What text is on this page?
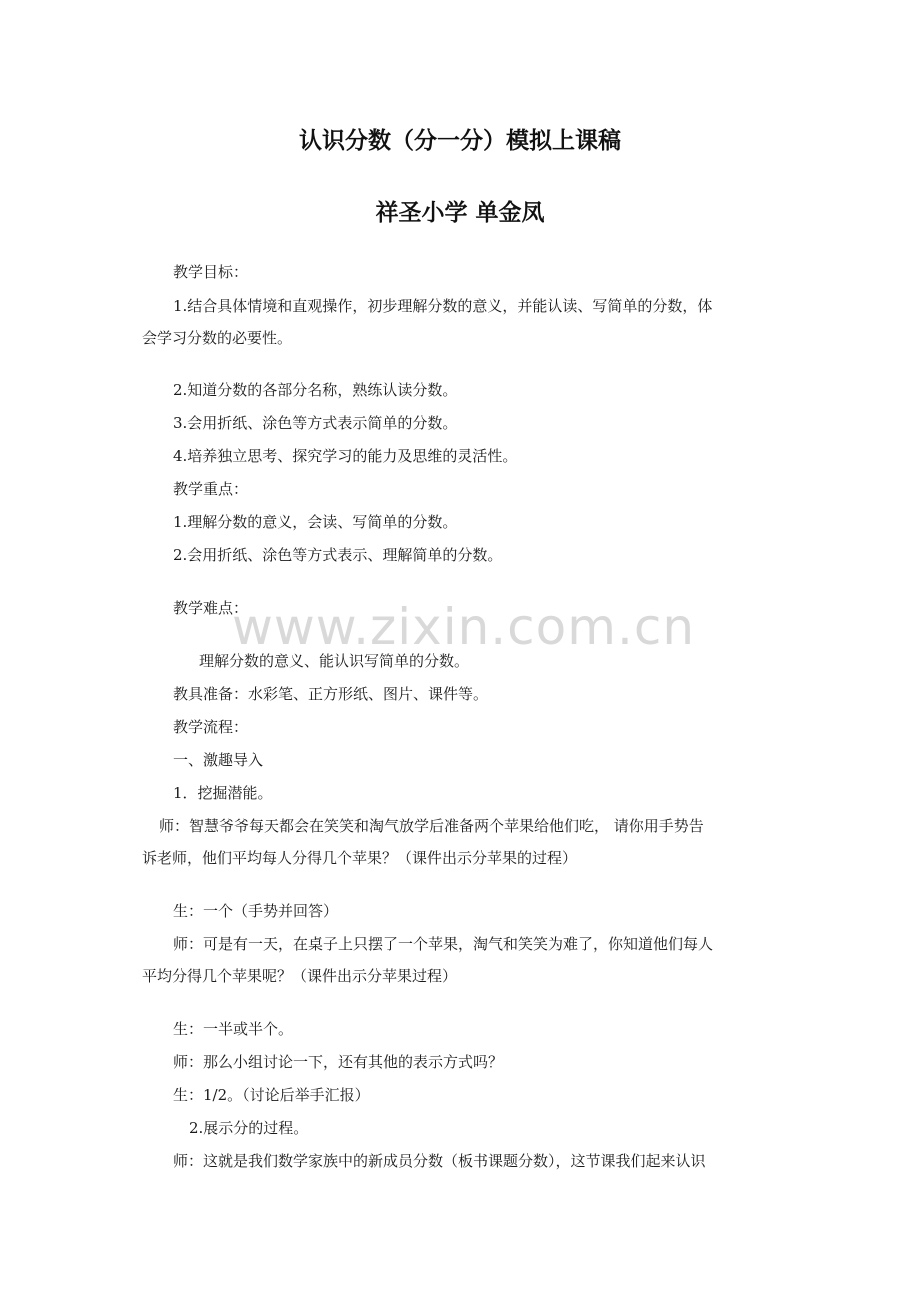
www.zixin.com.cn
认识分数（分一分）模拟上课稿
祥圣小学 单金凤
教学目标：
1.结合具体情境和直观操作，初步理解分数的意义，并能认读、写简单的分数，体
会学习分数的必要性。
2.知道分数的各部分名称，熟练认读分数。
3.会用折纸、涂色等方式表示简单的分数。
4.培养独立思考、探究学习的能力及思维的灵活性。
教学重点：
1.理解分数的意义，会读、写简单的分数。
2.会用折纸、涂色等方式表示、理解简单的分数。
教学难点：
理解分数的意义、能认识写简单的分数。
教具准备：水彩笔、正方形纸、图片、课件等。
教学流程：
一、激趣导入
1．挖掘潜能。
师：智慧爷爷每天都会在笑笑和淘气放学后准备两个苹果给他们吃， 请你用手势告
诉老师，他们平均每人分得几个苹果？（课件出示分苹果的过程）
生：一个（手势并回答）
师：可是有一天，在桌子上只摆了一个苹果，淘气和笑笑为难了，你知道他们每人
平均分得几个苹果呢？（课件出示分苹果过程）
生：一半或半个。
师：那么小组讨论一下，还有其他的表示方式吗？
生：1/2。（讨论后举手汇报）
2.展示分的过程。
师：这就是我们数学家族中的新成员分数（板书课题分数），这节课我们起来认识
